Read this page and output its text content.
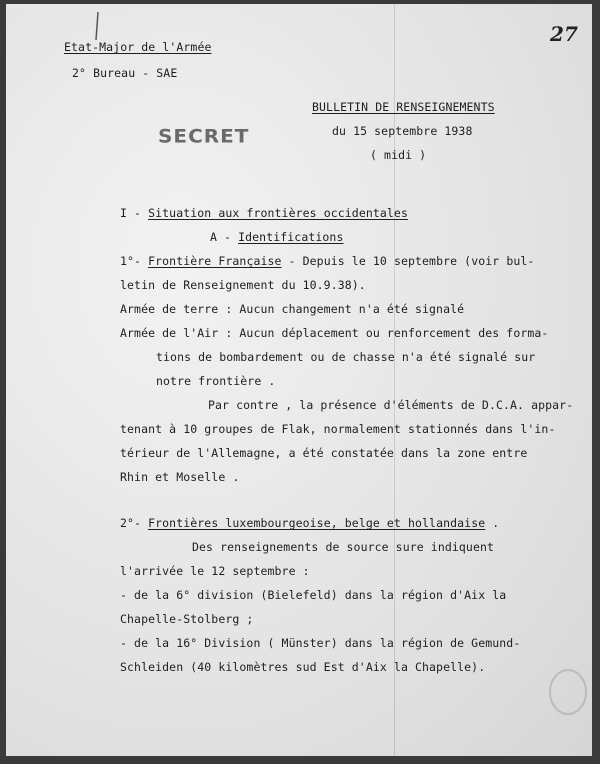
Etat-Major de l'Armée
2° Bureau - SAE
27
SECRET
BULLETIN DE RENSEIGNEMENTS
du 15 septembre 1938
( midi )
I - Situation aux frontières occidentales
A - Identifications
1°- Frontière Française - Depuis le 10 septembre (voir bul-
letin de Renseignement du 10.9.38).
Armée de terre : Aucun changement n'a été signalé
Armée de l'Air : Aucun déplacement ou renforcement des forma-
tions de bombardement ou de chasse n'a été signalé sur
notre frontière .
Par contre , la présence d'éléments de D.C.A. appar-
tenant à 10 groupes de Flak, normalement stationnés dans l'in-
térieur de l'Allemagne, a été constatée dans la zone entre
Rhin et Moselle .
2°- Frontières luxembourgeoise, belge et hollandaise .
Des renseignements de source sure indiquent
l'arrivée le 12 septembre :
- de la 6° division (Bielefeld) dans la région d'Aix la
Chapelle-Stolberg ;
- de la 16° Division ( Münster) dans la région de Gemund-
Schleiden (40 kilomètres sud Est d'Aix la Chapelle).
